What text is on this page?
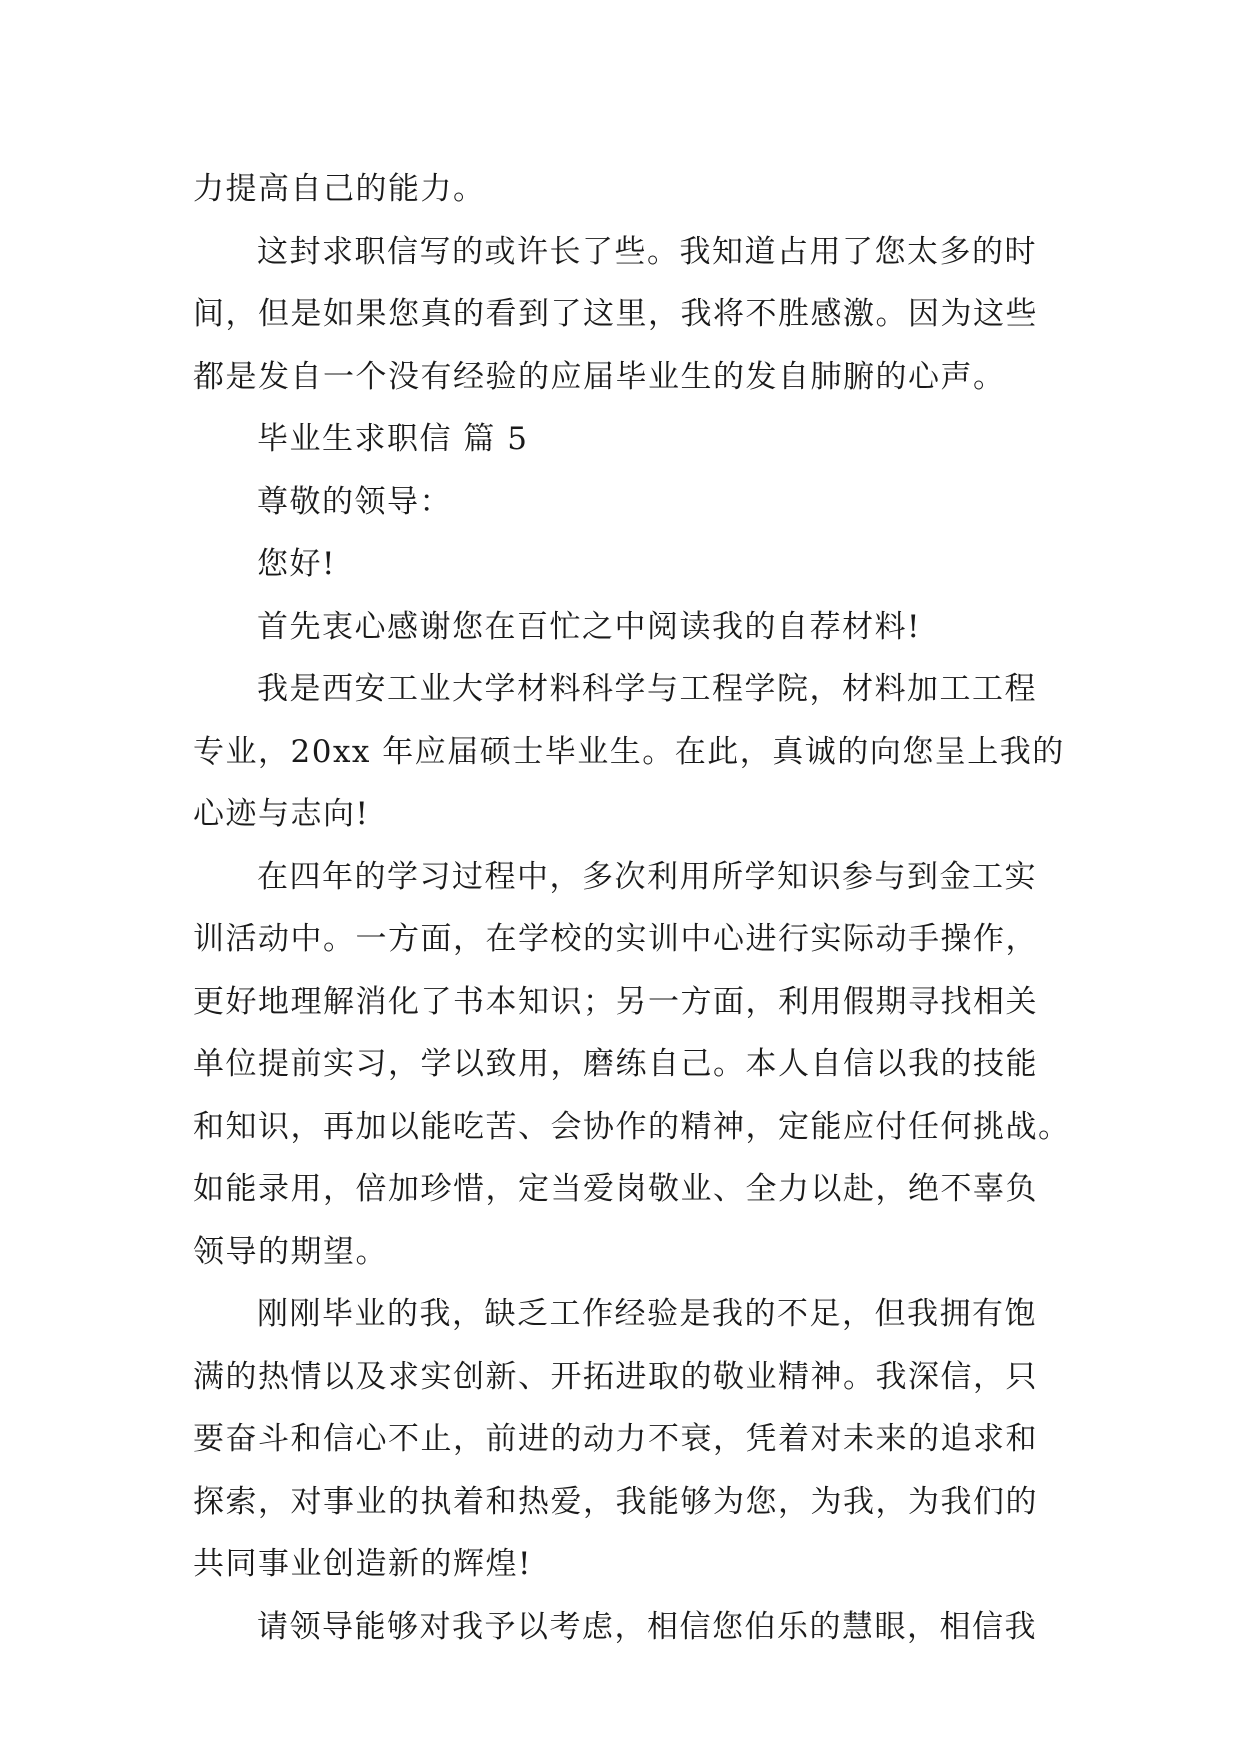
力提高自己的能力。
这封求职信写的或许长了些。我知道占用了您太多的时
间，但是如果您真的看到了这里，我将不胜感激。因为这些
都是发自一个没有经验的应届毕业生的发自肺腑的心声。
毕业生求职信 篇 5
尊敬的领导：
您好!
首先衷心感谢您在百忙之中阅读我的自荐材料!
我是西安工业大学材料科学与工程学院，材料加工工程
专业，20xx 年应届硕士毕业生。在此，真诚的向您呈上我的
心迹与志向!
在四年的学习过程中，多次利用所学知识参与到金工实
训活动中。一方面，在学校的实训中心进行实际动手操作，
更好地理解消化了书本知识；另一方面，利用假期寻找相关
单位提前实习，学以致用，磨练自己。本人自信以我的技能
和知识，再加以能吃苦、会协作的精神，定能应付任何挑战。
如能录用，倍加珍惜，定当爱岗敬业、全力以赴，绝不辜负
领导的期望。
刚刚毕业的我，缺乏工作经验是我的不足，但我拥有饱
满的热情以及求实创新、开拓进取的敬业精神。我深信，只
要奋斗和信心不止，前进的动力不衰，凭着对未来的追求和
探索，对事业的执着和热爱，我能够为您，为我，为我们的
共同事业创造新的辉煌!
请领导能够对我予以考虑，相信您伯乐的慧眼，相信我
